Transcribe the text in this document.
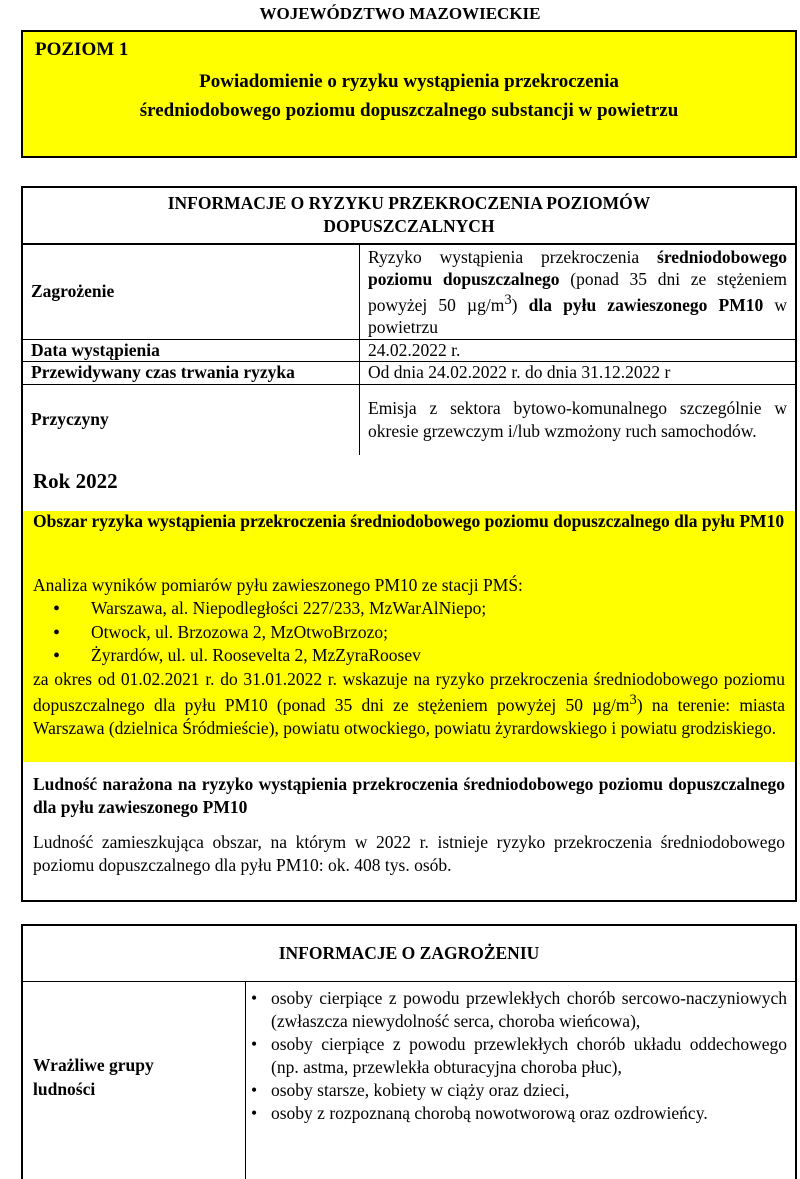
WOJEWÓDZTWO MAZOWIECKIE
POZIOM 1
Powiadomienie o ryzyku wystąpienia przekroczenia
średniodobowego poziomu dopuszczalnego substancji w powietrzu
INFORMACJE O RYZYKU PRZEKROCZENIA POZIOMÓW
DOPUSZCZALNYCH
Zagrożenie	Ryzyko wystąpienia przekroczenia średniodobowego poziomu dopuszczalnego (ponad 35 dni ze stężeniem powyżej 50 $\mu g/m^3$) dla pyłu zawieszonego PM10 w powietrzu
Data wystąpienia	24.02.2022 r.
Przewidywany czas trwania ryzyka	Od dnia 24.02.2022 r. do dnia 31.12.2022 r
Przyczyny	Emisja z sektora bytowo-komunalnego szczególnie w okresie grzewczym i/lub wzmożony ruch samochodów.
Rok 2022
Obszar ryzyka wystąpienia przekroczenia średniodobowego poziomu dopuszczalnego dla pyłu PM10
Analiza wyników pomiarów pyłu zawieszonego PM10 ze stacji PMŚ:
• Warszawa, al. Niepodległości 227/233, MzWarAlNiepo;
• Otwock, ul. Brzozowa 2, MzOtwoBrzozo;
• Żyrardów, ul. ul. Roosevelta 2, MzZyraRoosev
za okres od 01.02.2021 r. do 31.01.2022 r. wskazuje na ryzyko przekroczenia średniodobowego poziomu dopuszczalnego dla pyłu PM10 (ponad 35 dni ze stężeniem powyżej 50 $\mu g/m^3$) na terenie: miasta Warszawa (dzielnica Śródmieście), powiatu otwockiego, powiatu żyrardowskiego i powiatu grodziskiego.
Ludność narażona na ryzyko wystąpienia przekroczenia średniodobowego poziomu dopuszczalnego dla pyłu zawieszonego PM10
Ludność zamieszkująca obszar, na którym w 2022 r. istnieje ryzyko przekroczenia średniodobowego poziomu dopuszczalnego dla pyłu PM10: ok. 408 tys. osób.
INFORMACJE O ZAGROŻENIU
Wrażliwe grupy
ludności
• osoby cierpiące z powodu przewlekłych chorób sercowo-naczyniowych (zwłaszcza niewydolność serca, choroba wieńcowa),
• osoby cierpiące z powodu przewlekłych chorób układu oddechowego (np. astma, przewlekła obturacyjna choroba płuc),
• osoby starsze, kobiety w ciąży oraz dzieci,
• osoby z rozpoznaną chorobą nowotworową oraz ozdrowieńcy.
